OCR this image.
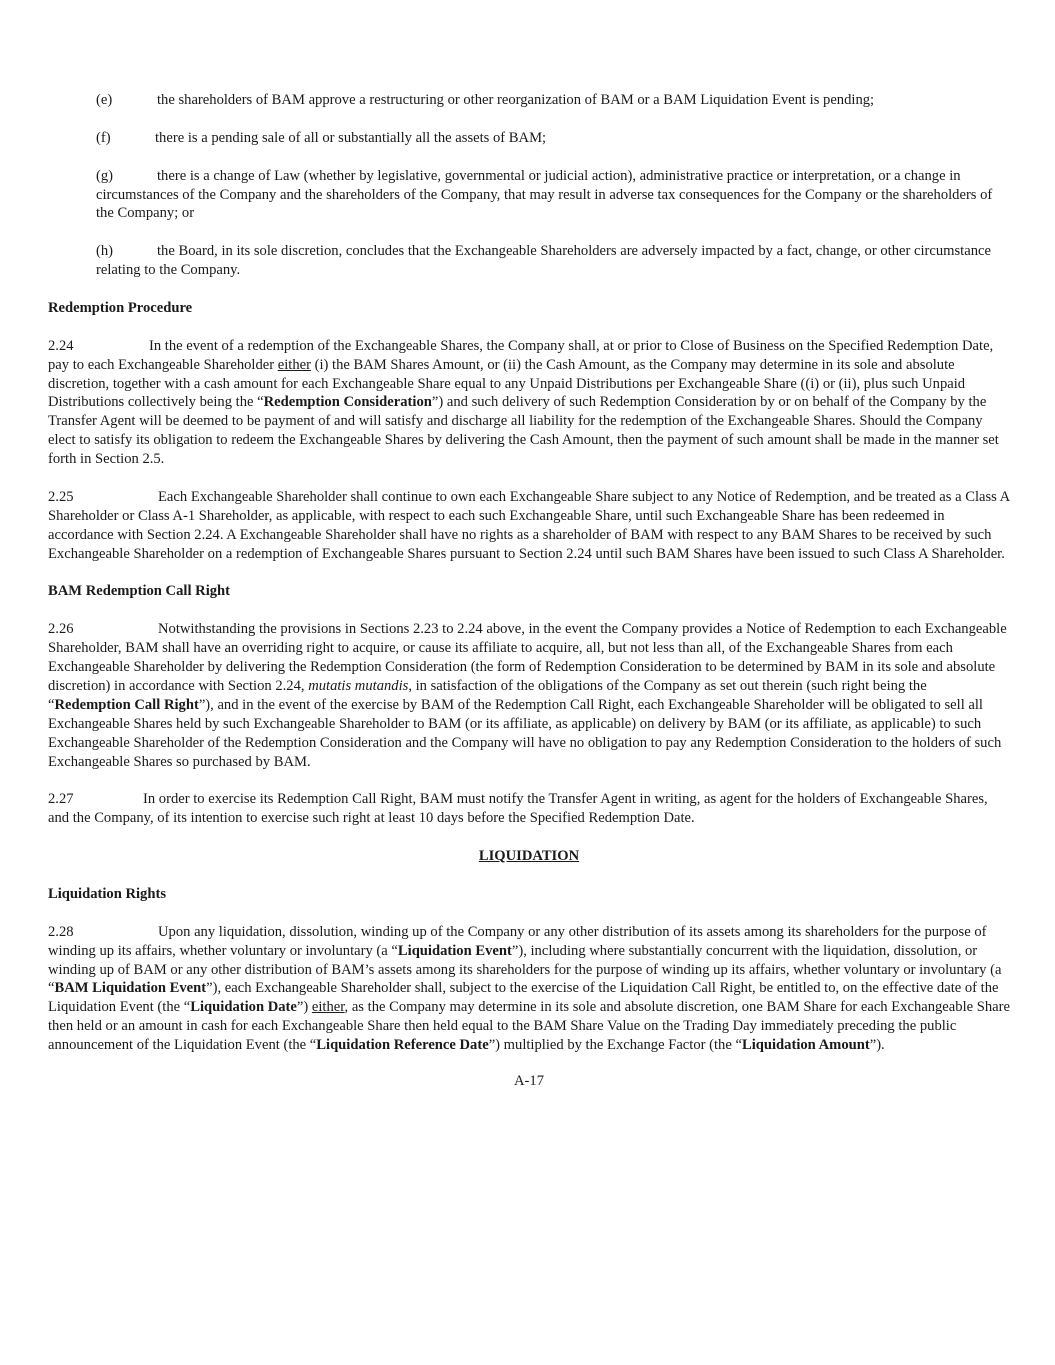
(e)	the shareholders of BAM approve a restructuring or other reorganization of BAM or a BAM Liquidation Event is pending;

(f)	there is a pending sale of all or substantially all the assets of BAM;

(g)	there is a change of Law (whether by legislative, governmental or judicial action), administrative practice or interpretation, or a change in circumstances of the Company and the shareholders of the Company, that may result in adverse tax consequences for the Company or the shareholders of the Company; or

(h)	the Board, in its sole discretion, concludes that the Exchangeable Shareholders are adversely impacted by a fact, change, or other circumstance relating to the Company.

Redemption Procedure

2.24	In the event of a redemption of the Exchangeable Shares, the Company shall, at or prior to Close of Business on the Specified Redemption Date, pay to each Exchangeable Shareholder either (i) the BAM Shares Amount, or (ii) the Cash Amount, as the Company may determine in its sole and absolute discretion, together with a cash amount for each Exchangeable Share equal to any Unpaid Distributions per Exchangeable Share ((i) or (ii), plus such Unpaid Distributions collectively being the “Redemption Consideration”) and such delivery of such Redemption Consideration by or on behalf of the Company by the Transfer Agent will be deemed to be payment of and will satisfy and discharge all liability for the redemption of the Exchangeable Shares. Should the Company elect to satisfy its obligation to redeem the Exchangeable Shares by delivering the Cash Amount, then the payment of such amount shall be made in the manner set forth in Section 2.5.

2.25	Each Exchangeable Shareholder shall continue to own each Exchangeable Share subject to any Notice of Redemption, and be treated as a Class A Shareholder or Class A-1 Shareholder, as applicable, with respect to each such Exchangeable Share, until such Exchangeable Share has been redeemed in accordance with Section 2.24. A Exchangeable Shareholder shall have no rights as a shareholder of BAM with respect to any BAM Shares to be received by such Exchangeable Shareholder on a redemption of Exchangeable Shares pursuant to Section 2.24 until such BAM Shares have been issued to such Class A Shareholder.

BAM Redemption Call Right

2.26	Notwithstanding the provisions in Sections 2.23 to 2.24 above, in the event the Company provides a Notice of Redemption to each Exchangeable Shareholder, BAM shall have an overriding right to acquire, or cause its affiliate to acquire, all, but not less than all, of the Exchangeable Shares from each Exchangeable Shareholder by delivering the Redemption Consideration (the form of Redemption Consideration to be determined by BAM in its sole and absolute discretion) in accordance with Section 2.24, mutatis mutandis, in satisfaction of the obligations of the Company as set out therein (such right being the “Redemption Call Right”), and in the event of the exercise by BAM of the Redemption Call Right, each Exchangeable Shareholder will be obligated to sell all Exchangeable Shares held by such Exchangeable Shareholder to BAM (or its affiliate, as applicable) on delivery by BAM (or its affiliate, as applicable) to such Exchangeable Shareholder of the Redemption Consideration and the Company will have no obligation to pay any Redemption Consideration to the holders of such Exchangeable Shares so purchased by BAM.

2.27	In order to exercise its Redemption Call Right, BAM must notify the Transfer Agent in writing, as agent for the holders of Exchangeable Shares, and the Company, of its intention to exercise such right at least 10 days before the Specified Redemption Date.

LIQUIDATION

Liquidation Rights

2.28	Upon any liquidation, dissolution, winding up of the Company or any other distribution of its assets among its shareholders for the purpose of winding up its affairs, whether voluntary or involuntary (a “Liquidation Event”), including where substantially concurrent with the liquidation, dissolution, or winding up of BAM or any other distribution of BAM’s assets among its shareholders for the purpose of winding up its affairs, whether voluntary or involuntary (a “BAM Liquidation Event”), each Exchangeable Shareholder shall, subject to the exercise of the Liquidation Call Right, be entitled to, on the effective date of the Liquidation Event (the “Liquidation Date”) either, as the Company may determine in its sole and absolute discretion, one BAM Share for each Exchangeable Share then held or an amount in cash for each Exchangeable Share then held equal to the BAM Share Value on the Trading Day immediately preceding the public announcement of the Liquidation Event (the “Liquidation Reference Date”) multiplied by the Exchange Factor (the “Liquidation Amount”).

A-17
